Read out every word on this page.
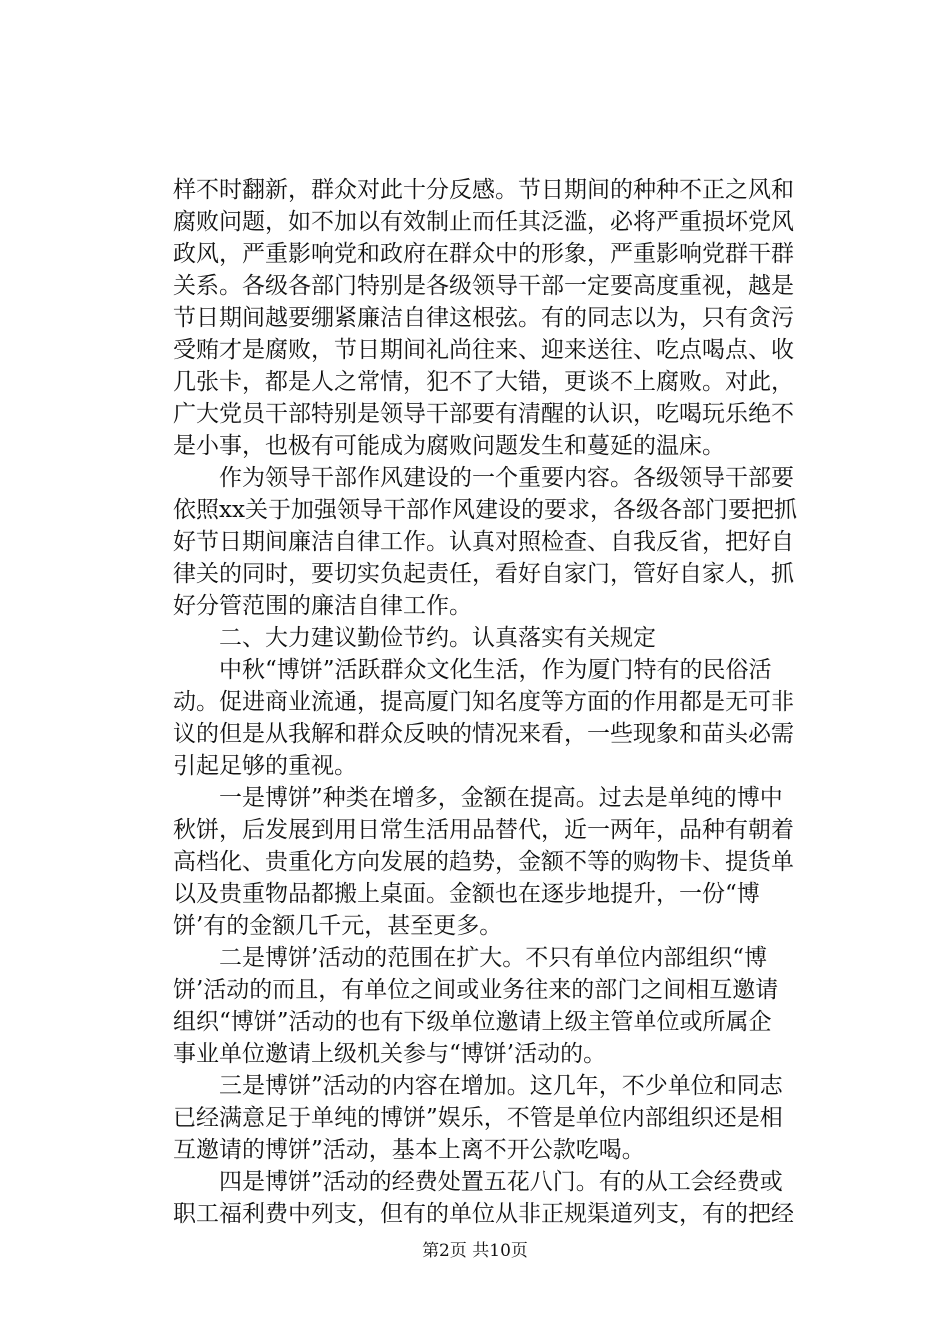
样不时翻新，群众对此十分反感。节日期间的种种不正之风和
腐败问题，如不加以有效制止而任其泛滥，必将严重损坏党风
政风，严重影响党和政府在群众中的形象，严重影响党群干群
关系。各级各部门特别是各级领导干部一定要高度重视，越是
节日期间越要绷紧廉洁自律这根弦。有的同志以为，只有贪污
受贿才是腐败，节日期间礼尚往来、迎来送往、吃点喝点、收
几张卡，都是人之常情，犯不了大错，更谈不上腐败。对此，
广大党员干部特别是领导干部要有清醒的认识，吃喝玩乐绝不
是小事，也极有可能成为腐败问题发生和蔓延的温床。
　　作为领导干部作风建设的一个重要内容。各级领导干部要
依照xx关于加强领导干部作风建设的要求，各级各部门要把抓
好节日期间廉洁自律工作。认真对照检查、自我反省，把好自
律关的同时，要切实负起责任，看好自家门，管好自家人，抓
好分管范围的廉洁自律工作。
　　二、大力建议勤俭节约。认真落实有关规定
　　中秋“博饼”活跃群众文化生活，作为厦门特有的民俗活
动。促进商业流通，提高厦门知名度等方面的作用都是无可非
议的但是从我解和群众反映的情况来看，一些现象和苗头必需
引起足够的重视。
　　一是博饼”种类在增多，金额在提高。过去是单纯的博中
秋饼，后发展到用日常生活用品替代，近一两年，品种有朝着
高档化、贵重化方向发展的趋势，金额不等的购物卡、提货单
以及贵重物品都搬上桌面。金额也在逐步地提升，一份“博
饼’有的金额几千元，甚至更多。
　　二是博饼’活动的范围在扩大。不只有单位内部组织“博
饼’活动的而且，有单位之间或业务往来的部门之间相互邀请
组织“博饼”活动的也有下级单位邀请上级主管单位或所属企
事业单位邀请上级机关参与“博饼’活动的。
　　三是博饼”活动的内容在增加。这几年，不少单位和同志
已经满意足于单纯的博饼”娱乐，不管是单位内部组织还是相
互邀请的博饼”活动，基本上离不开公款吃喝。
　　四是博饼”活动的经费处置五花八门。有的从工会经费或
职工福利费中列支，但有的单位从非正规渠道列支，有的把经
第2页 共10页
